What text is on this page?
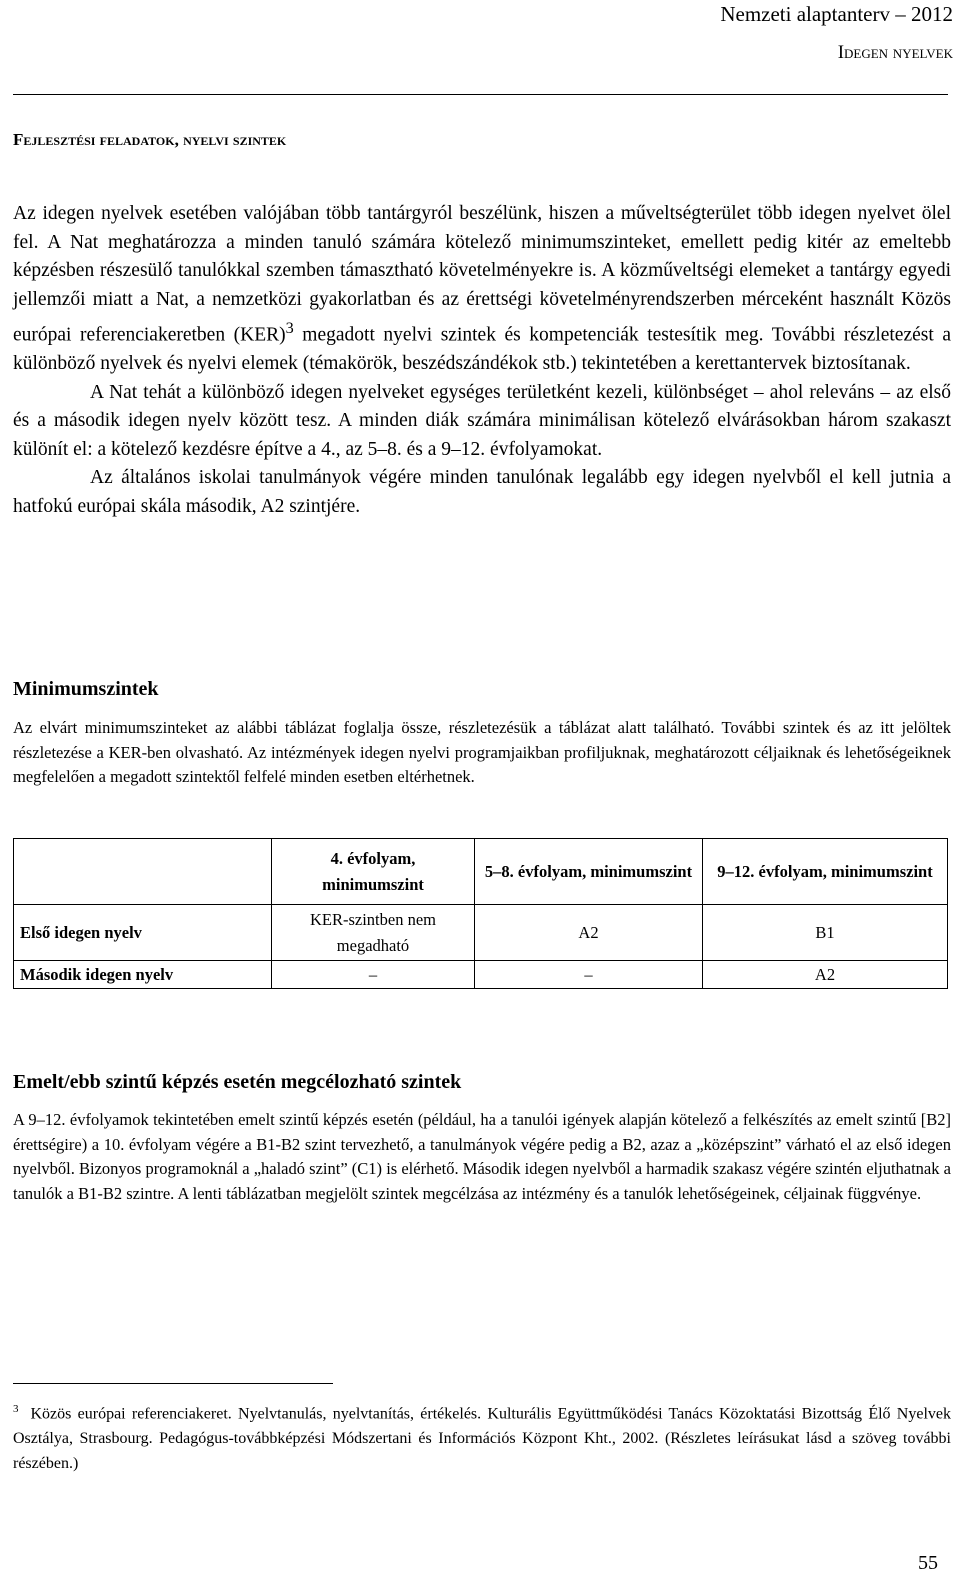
Nemzeti alaptanterv – 2012
Idegen nyelvek
Fejlesztési feladatok, nyelvi szintek

Az idegen nyelvek esetében valójában több tantárgyról beszélünk, hiszen a műveltségterület több idegen nyelvet ölel fel. A Nat meghatározza a minden tanuló számára kötelező minimumszinteket, emellett pedig kitér az emeltebb képzésben részesülő tanulókkal szemben támasztható követelményekre is. A közműveltségi elemeket a tantárgy egyedi jellemzői miatt a Nat, a nemzetközi gyakorlatban és az érettségi követelményrendszerben mérceként használt Közös európai referenciakeretben (KER)$^3$ megadott nyelvi szintek és kompetenciák testesítik meg. További részletezést a különböző nyelvek és nyelvi elemek (témakörök, beszédszándékok stb.) tekintetében a kerettantervek biztosítanak.

A Nat tehát a különböző idegen nyelveket egységes területként kezeli, különbséget – ahol releváns – az első és a második idegen nyelv között tesz. A minden diák számára minimálisan kötelező elvárásokban három szakaszt különít el: a kötelező kezdésre építve a 4., az 5–8. és a 9–12. évfolyamokat.

Az általános iskolai tanulmányok végére minden tanulónak legalább egy idegen nyelvből el kell jutnia a hatfokú európai skála második, A2 szintjére.

Minimumszintek

Az elvárt minimumszinteket az alábbi táblázat foglalja össze, részletezésük a táblázat alatt található. További szintek és az itt jelöltek részletezése a KER-ben olvasható. Az intézmények idegen nyelvi programjaikban profiljuknak, meghatározott céljaiknak és lehetőségeiknek megfelelően a megadott szintektől felfelé minden esetben eltérhetnek.

	4. évfolyam, minimumszint	5–8. évfolyam, minimumszint	9–12. évfolyam, minimumszint
Első idegen nyelv	KER-szintben nem megadható	A2	B1
Második idegen nyelv	–	–	A2
Emelt/ebb szintű képzés esetén megcélozható szintek

A 9–12. évfolyamok tekintetében emelt szintű képzés esetén (például, ha a tanulói igények alapján kötelező a felkészítés az emelt szintű [B2] érettségire) a 10. évfolyam végére a B1-B2 szint tervezhető, a tanulmányok végére pedig a B2, azaz a „középszint” várható el az első idegen nyelvből. Bizonyos programoknál a „haladó szint” (C1) is elérhető. Második idegen nyelvből a harmadik szakasz végére szintén eljuthatnak a tanulók a B1-B2 szintre. A lenti táblázatban megjelölt szintek megcélzása az intézmény és a tanulók lehetőségeinek, céljainak függvénye.

$^3$ Közös európai referenciakeret. Nyelvtanulás, nyelvtanítás, értékelés. Kulturális Együttműködési Tanács Közoktatási Bizottság Élő Nyelvek Osztálya, Strasbourg. Pedagógus-továbbképzési Módszertani és Információs Központ Kht., 2002. (Részletes leírásukat lásd a szöveg további részében.)
55
